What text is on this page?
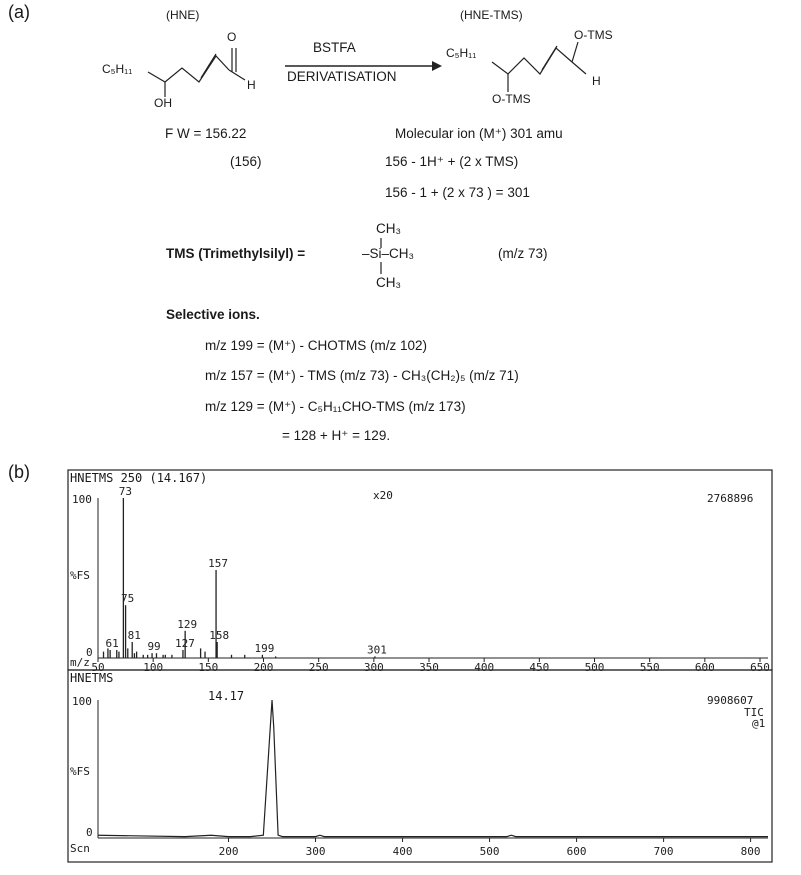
(a)	(HNE)	(HNE-TMS)
C₅H₁₁
OH
O
H
BSTFA
DERIVATISATION
C₅H₁₁
O-TMS
O-TMS
H
F W = 156.22
(156)
Molecular ion (M⁺) 301 amu
156 - 1H⁺ + (2 x TMS)
156 - 1 + (2 x 73 ) = 301
TMS (Trimethylsilyl) =
CH₃
–Si–CH₃
CH₃
(m/z 73)
Selective ions.
m/z 199 = (M⁺) - CHOTMS (m/z 102)
m/z 157 = (M⁺) - TMS (m/z 73) - CH₃(CH₂)₅ (m/z 71)
m/z 129 = (M⁺) - C₅H₁₁CHO-TMS (m/z 173)
= 128 + H⁺ = 129.
(b)
50	100	150	200	250	300	350	400	450	500	550	600	650
73
75
157
129
158
127
81
99
61	199	301
HNETMS 250 (14.167)
x20	2768896
100
%FS
0
m/z
200	300	400	500	600	700	800
HNETMS
9908607
TIC
@1
100
%FS
0
Scn
14.17
